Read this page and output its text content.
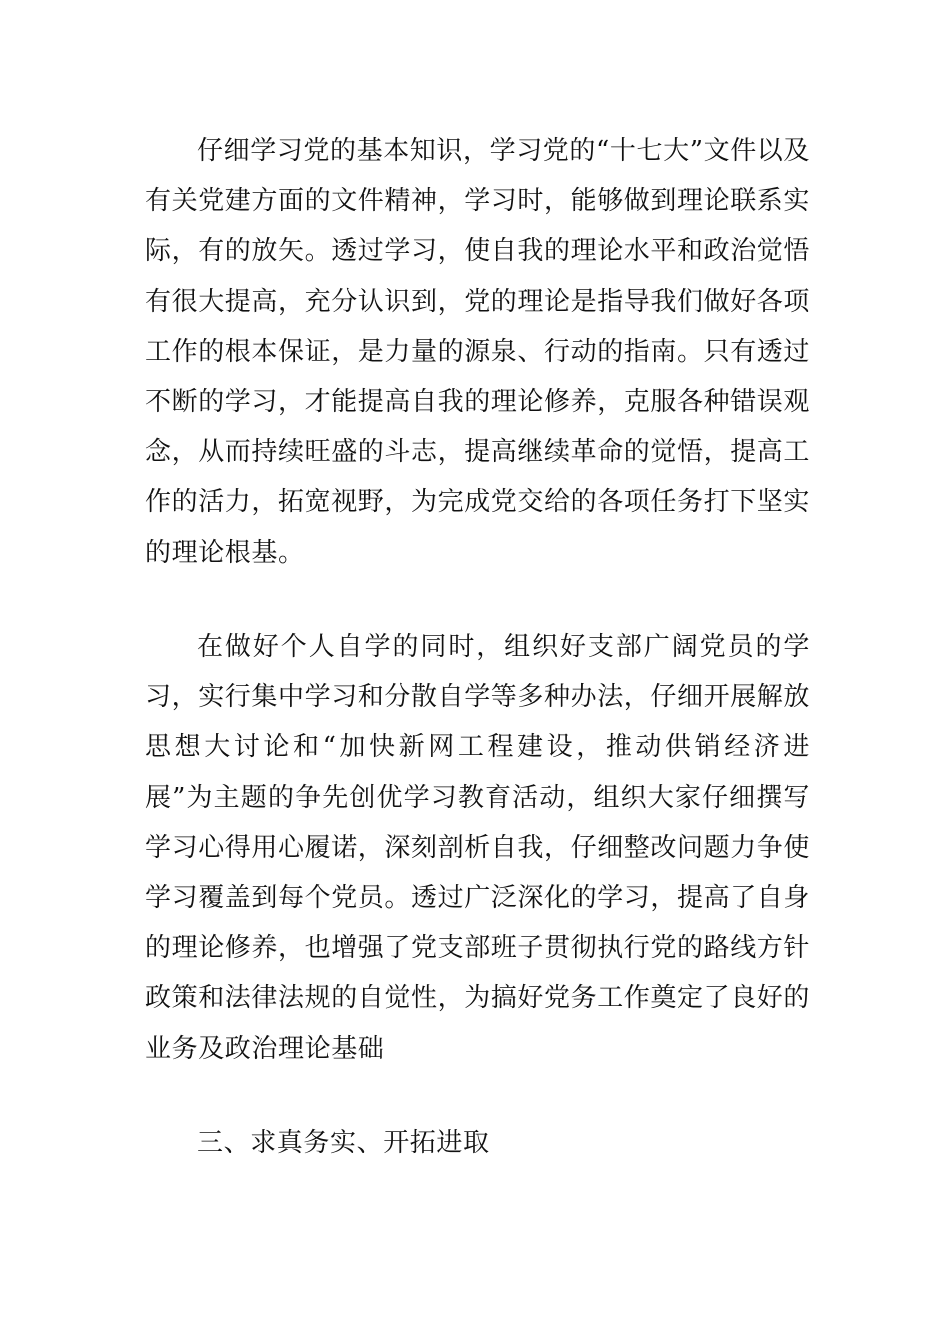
仔细学习党的基本知识，学习党的“十七大”文件以及有关党建方面的文件精神，学习时，能够做到理论联系实际，有的放矢。透过学习，使自我的理论水平和政治觉悟有很大提高，充分认识到，党的理论是指导我们做好各项工作的根本保证，是力量的源泉、行动的指南。只有透过不断的学习，才能提高自我的理论修养，克服各种错误观念，从而持续旺盛的斗志，提高继续革命的觉悟，提高工作的活力，拓宽视野，为完成党交给的各项任务打下坚实的理论根基。

在做好个人自学的同时，组织好支部广阔党员的学习，实行集中学习和分散自学等多种办法，仔细开展解放思想大讨论和“加快新网工程建设，推动供销经济进展”为主题的争先创优学习教育活动，组织大家仔细撰写学习心得用心履诺，深刻剖析自我，仔细整改问题力争使学习覆盖到每个党员。透过广泛深化的学习，提高了自身的理论修养，也增强了党支部班子贯彻执行党的路线方针政策和法律法规的自觉性，为搞好党务工作奠定了良好的业务及政治理论基础

三、求真务实、开拓进取
